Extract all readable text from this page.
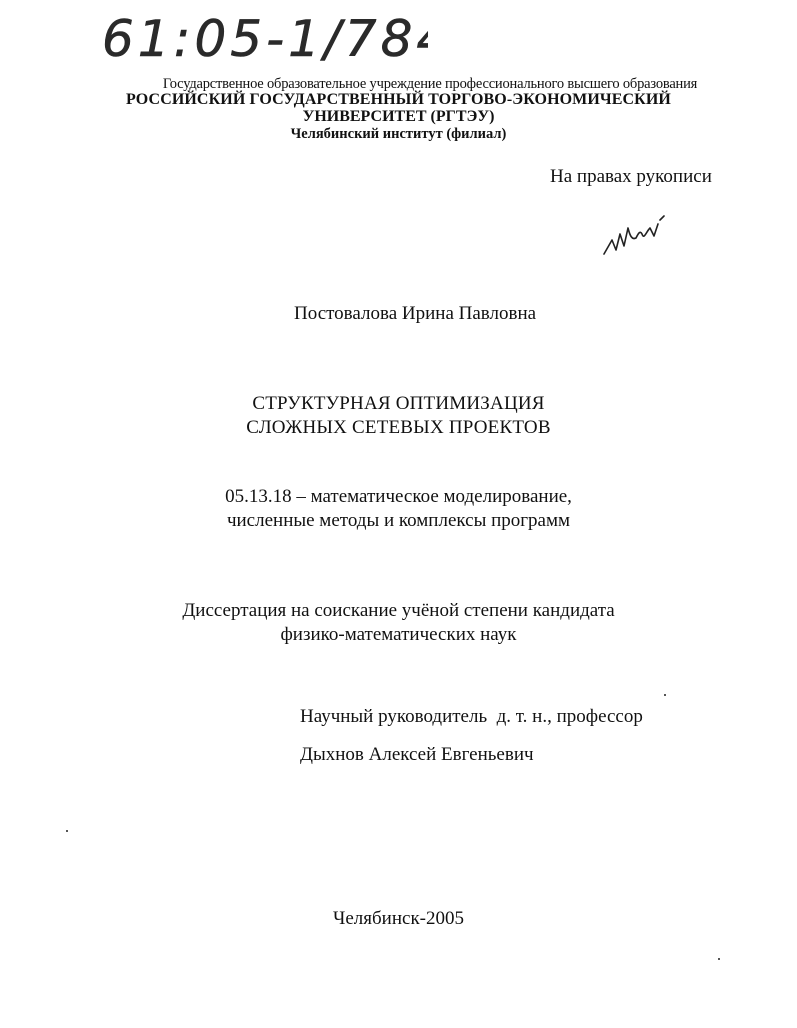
61:05-1/784
Государственное образовательное учреждение профессионального высшего образования
РОССИЙСКИЙ ГОСУДАРСТВЕННЫЙ ТОРГОВО-ЭКОНОМИЧЕСКИЙ
УНИВЕРСИТЕТ (РГТЭУ)
Челябинский институт (филиал)
На правах рукописи
Постовалова Ирина Павловна
СТРУКТУРНАЯ ОПТИМИЗАЦИЯ
СЛОЖНЫХ СЕТЕВЫХ ПРОЕКТОВ
05.13.18 – математическое моделирование,
численные методы и комплексы программ
Диссертация на соискание учёной степени кандидата
физико-математических наук
Научный руководитель  д. т. н., профессор
Дыхнов Алексей Евгеньевич
Челябинск-2005
